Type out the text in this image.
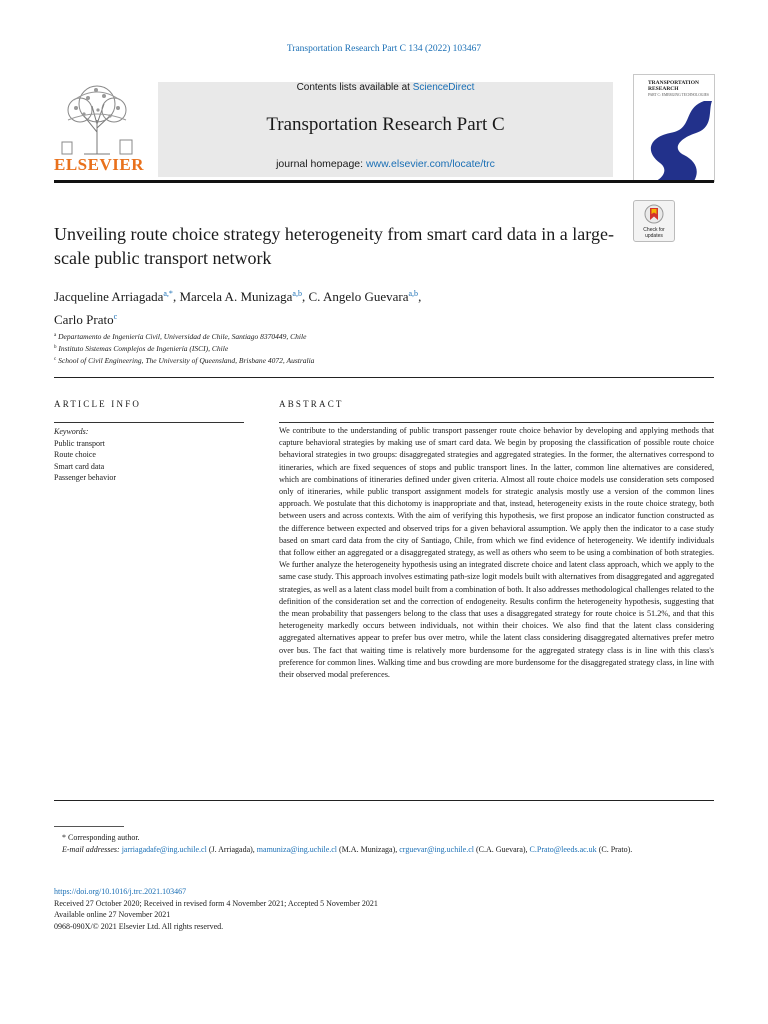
Transportation Research Part C 134 (2022) 103467
ELSEVIER
Contents lists available at ScienceDirect
Transportation Research Part C
journal homepage: www.elsevier.com/locate/trc
TRANSPORTATION
RESEARCH
PART C: EMERGING TECHNOLOGIES
Unveiling route choice strategy heterogeneity from smart card data in a large-scale public transport network
Check for updates
Jacqueline Arriagada$^{a,*}$, Marcela A. Munizaga$^{a,b}$, C. Angelo Guevara$^{a,b}$,
Carlo Prato$^c$
$^a$ Departamento de Ingeniería Civil, Universidad de Chile, Santiago 8370449, Chile
$^b$ Instituto Sistemas Complejos de Ingeniería (ISCI), Chile
$^c$ School of Civil Engineering, The University of Queensland, Brisbane 4072, Australia
ARTICLE INFO	ABSTRACT
Keywords:
Public transport
Route choice
Smart card data
Passenger behavior
We contribute to the understanding of public transport passenger route choice behavior by developing and applying methods that capture behavioral strategies by making use of smart card data. We begin by proposing the classification of possible route choice behavioral strategies in two groups: disaggregated strategies and aggregated strategies. In the former, the alternatives correspond to itineraries, which are fixed sequences of stops and public transport lines. In the latter, common line alternatives are considered, which are combinations of itineraries defined under given criteria. Almost all route choice models use consideration sets composed only of itineraries, while public transport assignment models for strategic analysis mostly use a version of the common lines approach. We postulate that this dichotomy is inappropriate and that, instead, heterogeneity exists in the route choice strategy, both between users and across contexts. With the aim of verifying this hypothesis, we first propose an indicator function constructed as the difference between expected and observed trips for a given behavioral assumption. We apply then the indicator to a case study based on smart card data from the city of Santiago, Chile, from which we find evidence of heterogeneity. We identify individuals that follow either an aggregated or a disaggregated strategy, as well as others who seem to be using a combination of both strategies. We further analyze the heterogeneity hypothesis using an integrated discrete choice and latent class approach, which we apply to the same case study. This approach involves estimating path-size logit models built with alternatives from disaggregated and aggregated strategies, as well as a latent class model built from a combination of both. It also addresses methodological challenges related to the definition of the consideration set and the correction of endogeneity. Results confirm the heterogeneity hypothesis, suggesting that the mean probability that passengers belong to the class that uses a disaggregated strategy for route choice is 51.2%, and that this heterogeneity markedly occurs between individuals, not within their choices. We also find that the latent class considering aggregated alternatives appear to prefer bus over metro, while the latent class considering disaggregated alternatives prefer metro over bus. The fact that waiting time is relatively more burdensome for the aggregated strategy class is in line with this class's preference for common lines. Walking time and bus crowding are more burdensome for the disaggregated strategy class, in line with their observed modal preferences.
* Corresponding author.
E-mail addresses: jarriagadafe@ing.uchile.cl (J. Arriagada), mamuniza@ing.uchile.cl (M.A. Munizaga), crguevar@ing.uchile.cl (C.A. Guevara), C.Prato@leeds.ac.uk (C. Prato).
https://doi.org/10.1016/j.trc.2021.103467
Received 27 October 2020; Received in revised form 4 November 2021; Accepted 5 November 2021
Available online 27 November 2021
0968-090X/© 2021 Elsevier Ltd. All rights reserved.
